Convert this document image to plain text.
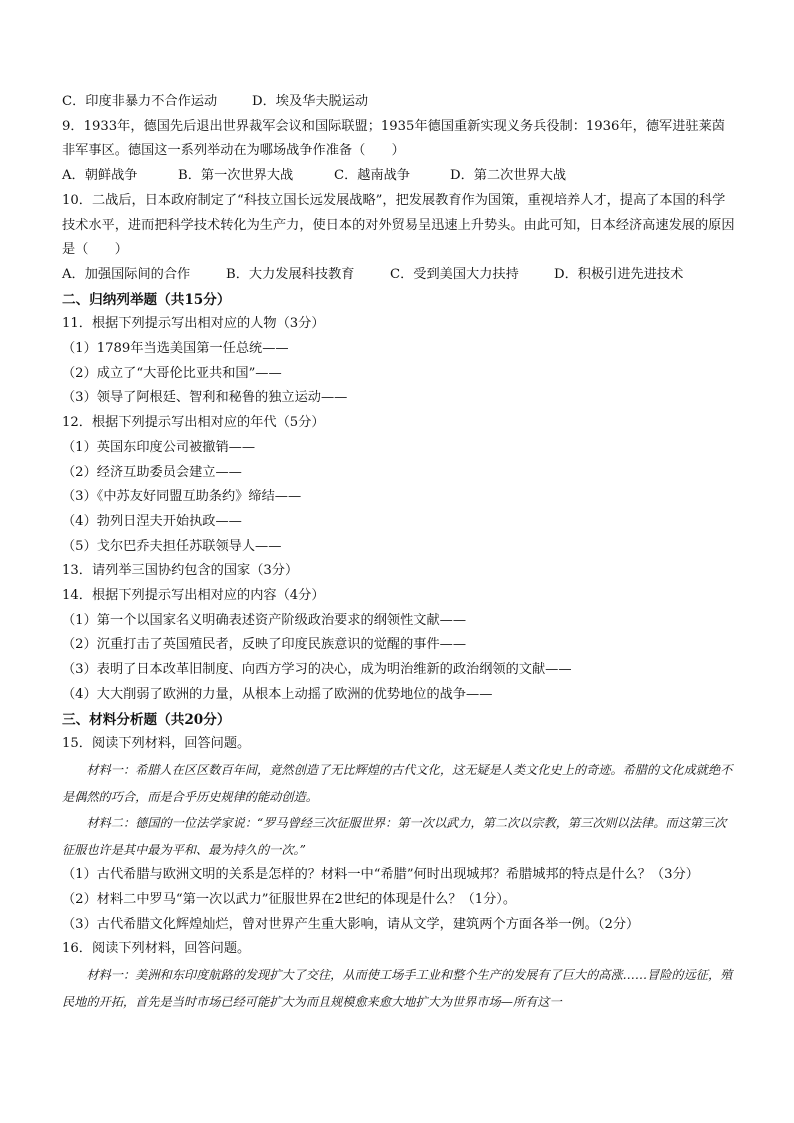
C．印度非暴力不合作运动	D．埃及华夫脱运动
9．1933年，德国先后退出世界裁军会议和国际联盟；1935年德国重新实现义务兵役制：1936年，德军进驻莱茵非军事区。德国这一系列举动在为哪场战争作准备（　　）
A．朝鲜战争	B．第一次世界大战	C．越南战争	D．第二次世界大战
10．二战后，日本政府制定了“科技立国长远发展战略”，把发展教育作为国策，重视培养人才，提高了本国的科学技术水平，进而把科学技术转化为生产力，使日本的对外贸易呈迅速上升势头。由此可知，日本经济高速发展的原因是（　　）
A．加强国际间的合作	B．大力发展科技教育	C．受到美国大力扶持	D．积极引进先进技术
二、归纳列举题（共15分）
11．根据下列提示写出相对应的人物（3分）
（1）1789年当选美国第一任总统——
（2）成立了“大哥伦比亚共和国”——
（3）领导了阿根廷、智利和秘鲁的独立运动——
12．根据下列提示写出相对应的年代（5分）
（1）英国东印度公司被撤销——
（2）经济互助委员会建立——
（3）《中苏友好同盟互助条约》缔结——
（4）勃列日涅夫开始执政——
（5）戈尔巴乔夫担任苏联领导人——
13．请列举三国协约包含的国家（3分）
14．根据下列提示写出相对应的内容（4分）
（1）第一个以国家名义明确表述资产阶级政治要求的纲领性文献——
（2）沉重打击了英国殖民者，反映了印度民族意识的觉醒的事件——
（3）表明了日本改革旧制度、向西方学习的决心，成为明治维新的政治纲领的文献——
（4）大大削弱了欧洲的力量，从根本上动摇了欧洲的优势地位的战争——
三、材料分析题（共20分）
15．阅读下列材料，回答问题。
材料一：希腊人在区区数百年间，竟然创造了无比辉煌的古代文化，这无疑是人类文化史上的奇迹。希腊的文化成就绝不是偶然的巧合，而是合乎历史规律的能动创造。
材料二：德国的一位法学家说：“罗马曾经三次征服世界：第一次以武力，第二次以宗教，第三次则以法律。而这第三次征服也许是其中最为平和、最为持久的一次。”
（1）古代希腊与欧洲文明的关系是怎样的？材料一中“希腊”何时出现城邦？希腊城邦的特点是什么？（3分）
（2）材料二中罗马“第一次以武力”征服世界在2世纪的体现是什么？（1分）。
（3）古代希腊文化辉煌灿烂，曾对世界产生重大影响，请从文学，建筑两个方面各举一例。（2分）
16．阅读下列材料，回答问题。
材料一：美洲和东印度航路的发现扩大了交往，从而使工场手工业和整个生产的发展有了巨大的高涨……冒险的远征，殖民地的开拓，首先是当时市场已经可能扩大为而且规模愈来愈大地扩大为世界市场—所有这一
